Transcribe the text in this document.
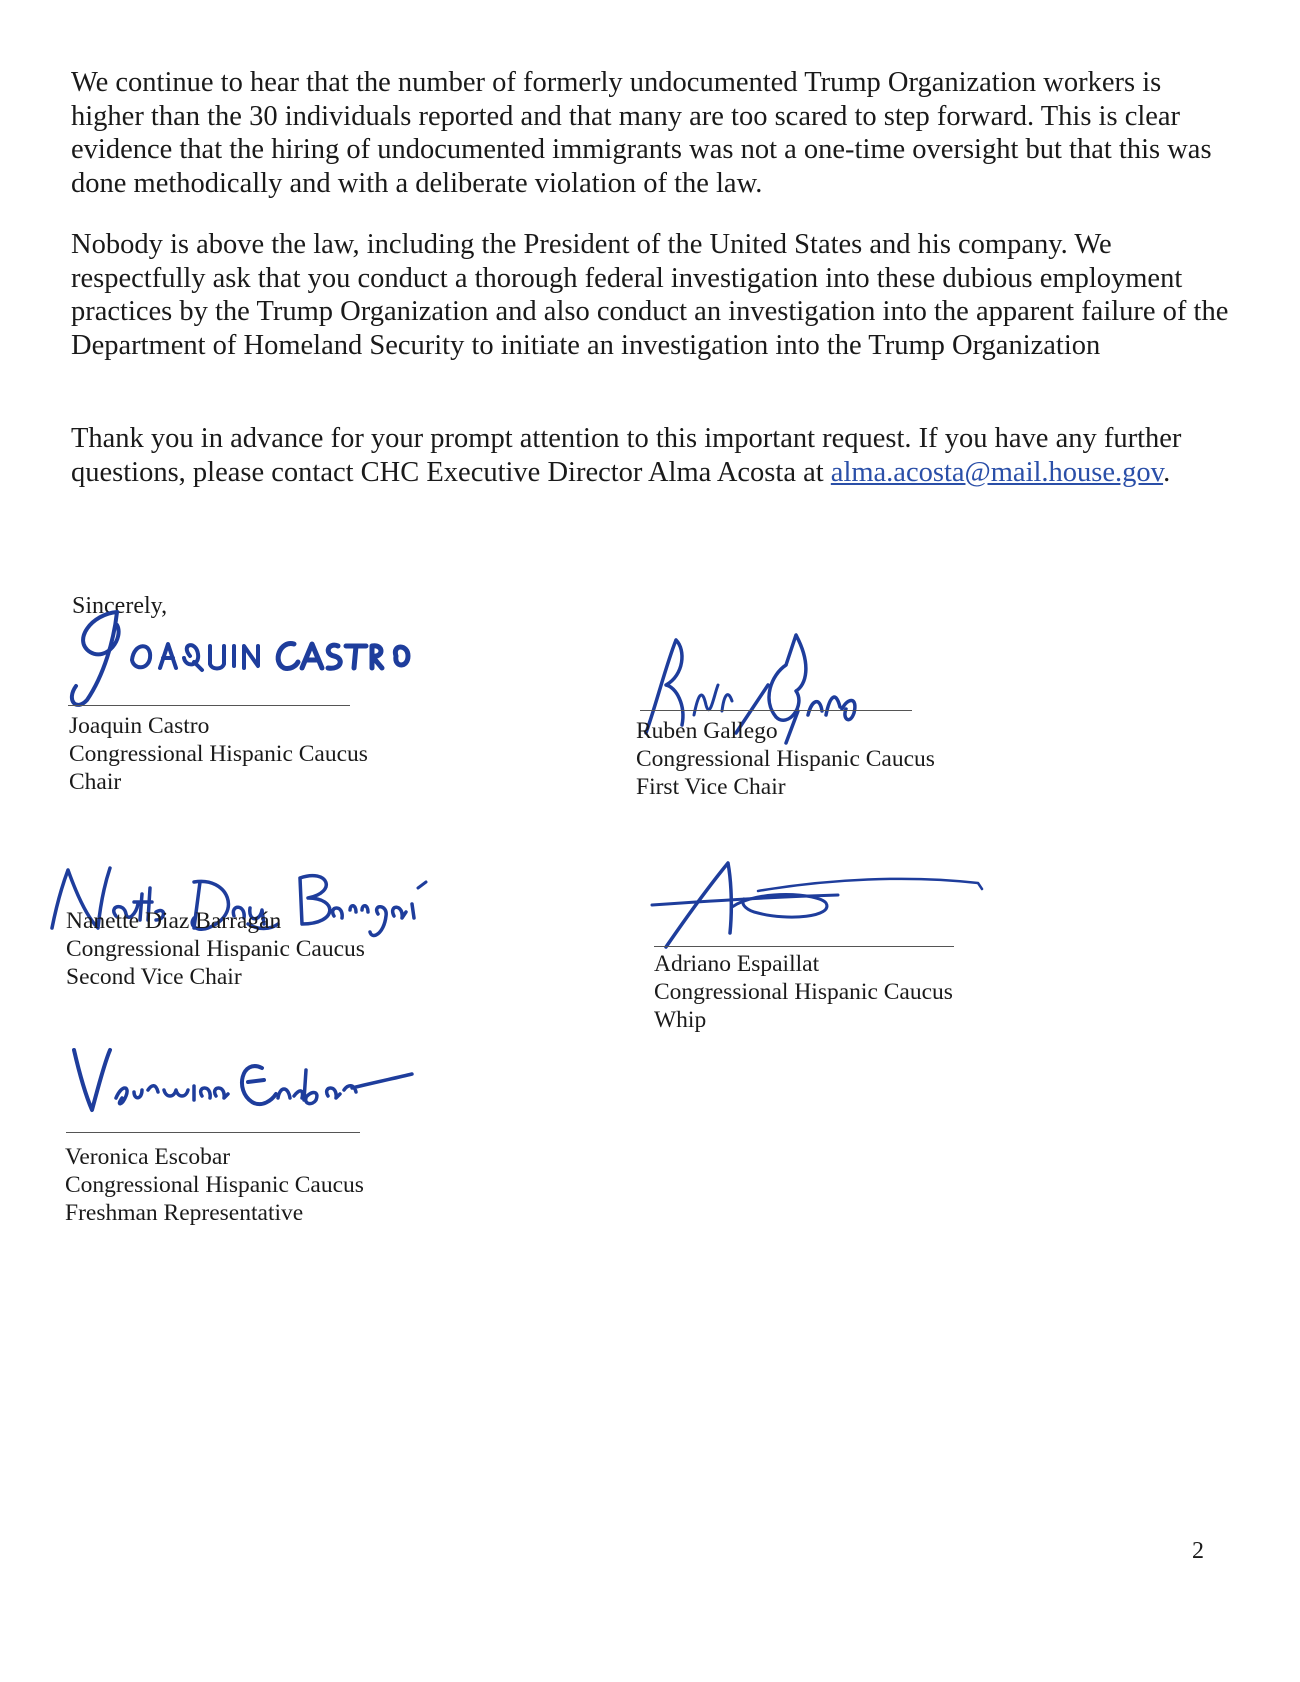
We continue to hear that the number of formerly undocumented Trump Organization workers is higher than the 30 individuals reported and that many are too scared to step forward. This is clear evidence that the hiring of undocumented immigrants was not a one-time oversight but that this was done methodically and with a deliberate violation of the law.

Nobody is above the law, including the President of the United States and his company. We respectfully ask that you conduct a thorough federal investigation into these dubious employment practices by the Trump Organization and also conduct an investigation into the apparent failure of the Department of Homeland Security to initiate an investigation into the Trump Organization

Thank you in advance for your prompt attention to this important request. If you have any further questions, please contact CHC Executive Director Alma Acosta at alma.acosta@mail.house.gov.

Sincerely,
Joaquin Castro
Congressional Hispanic Caucus
Chair
Ruben Gallego
Congressional Hispanic Caucus
First Vice Chair
Nanette Diaz Barragán
Congressional Hispanic Caucus
Second Vice Chair	Adriano Espaillat
Congressional Hispanic Caucus
Whip
Veronica Escobar
Congressional Hispanic Caucus
Freshman Representative
2
